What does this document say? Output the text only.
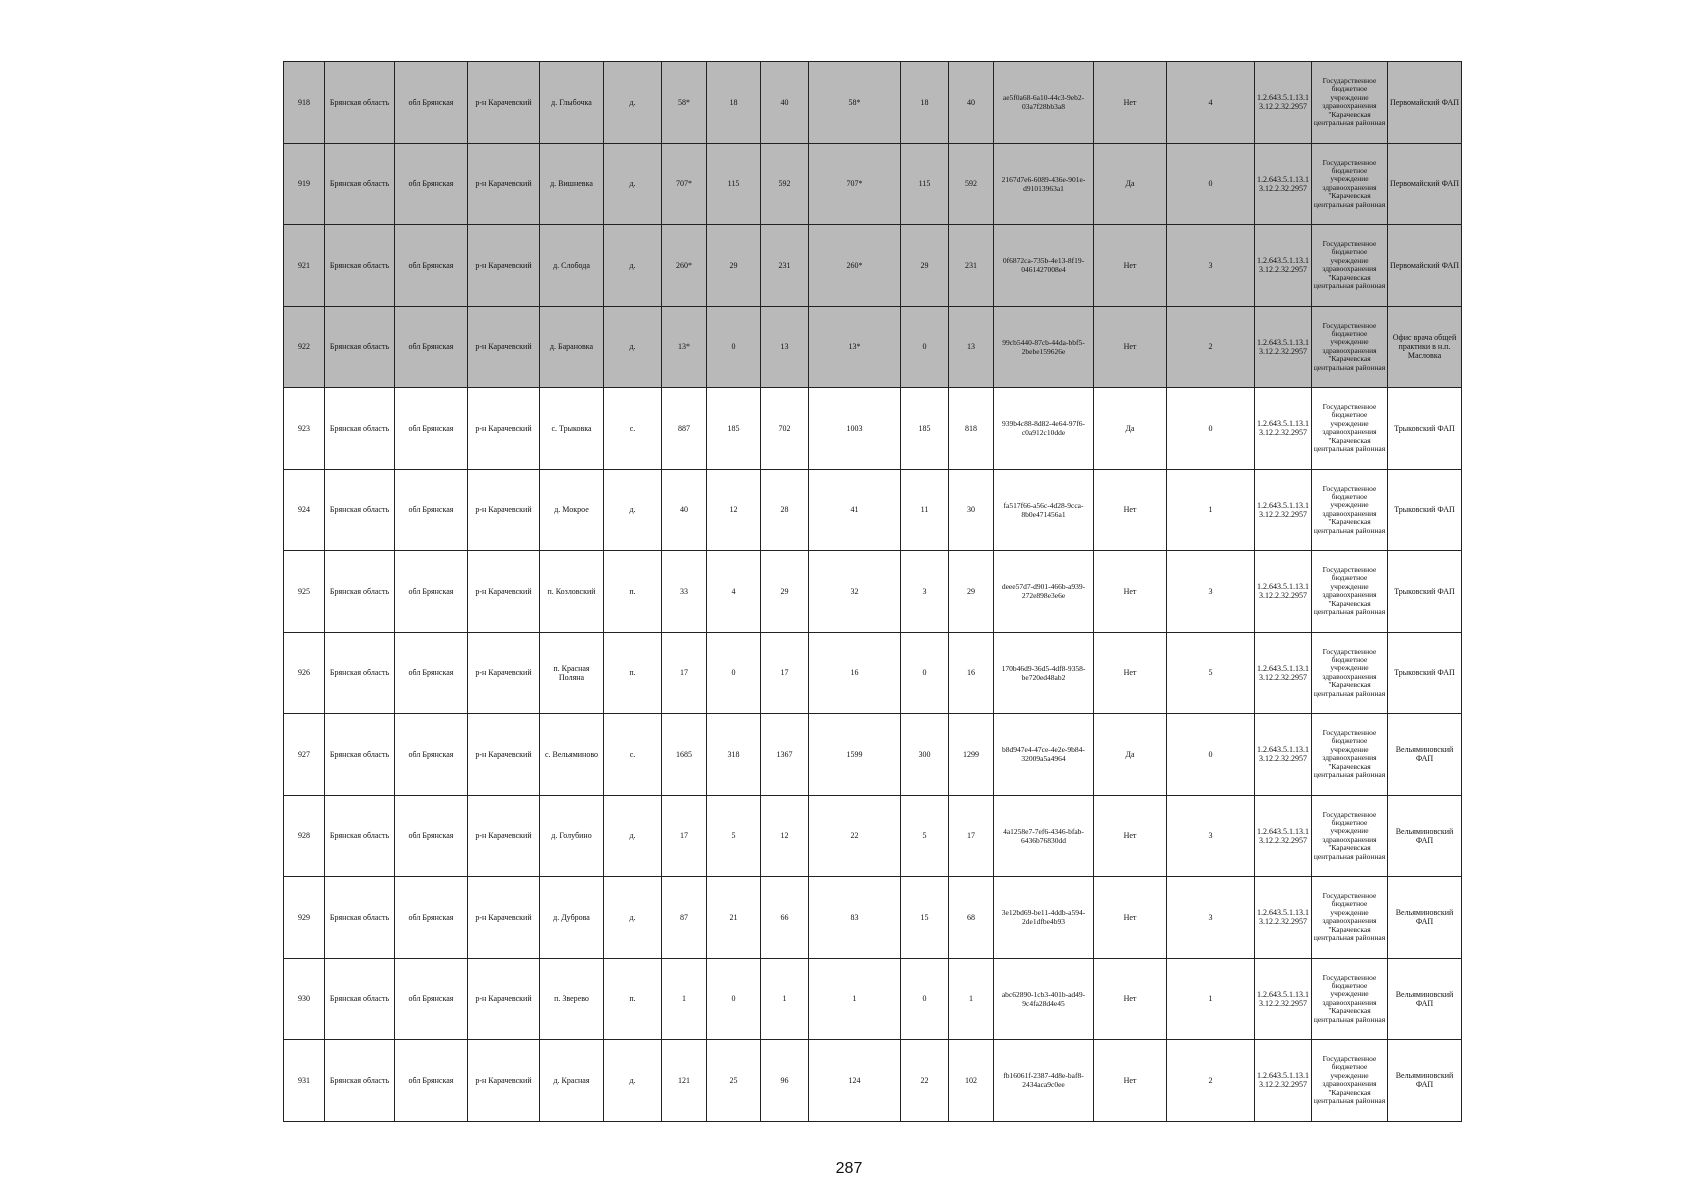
918	Брянская область	обл Брянская	р-н Карачевский	д. Глыбочка	д.	58*	18	40	58*	18	40	ae5f0a68-6a10-44c3-9eb2-03a7f28bb3a8	Нет	4	1.2.643.5.1.13.13.12.2.32.2957	Государственное бюджетное учреждение здравоохранения "Карачевская центральная районная	Первомайский ФАП
919	Брянская область	обл Брянская	р-н Карачевский	д. Вишневка	д.	707*	115	592	707*	115	592	2167d7e6-6089-436e-901e-d91013963a1	Да	0	1.2.643.5.1.13.13.12.2.32.2957	Государственное бюджетное учреждение здравоохранения "Карачевская центральная районная	Первомайский ФАП
921	Брянская область	обл Брянская	р-н Карачевский	д. Слобода	д.	260*	29	231	260*	29	231	0f6872ca-735b-4e13-8f19-0461427008e4	Нет	3	1.2.643.5.1.13.13.12.2.32.2957	Государственное бюджетное учреждение здравоохранения "Карачевская центральная районная	Первомайский ФАП
922	Брянская область	обл Брянская	р-н Карачевский	д. Барановка	д.	13*	0	13	13*	0	13	99cb5440-87cb-44da-bbf5-2bebe159626e	Нет	2	1.2.643.5.1.13.13.12.2.32.2957	Государственное бюджетное учреждение здравоохранения "Карачевская центральная районная	Офис врача общей практики в н.п. Масловка
923	Брянская область	обл Брянская	р-н Карачевский	с. Трыковка	с.	887	185	702	1003	185	818	939b4c88-8d82-4e64-97f6-c0a912c10dde	Да	0	1.2.643.5.1.13.13.12.2.32.2957	Государственное бюджетное учреждение здравоохранения "Карачевская центральная районная	Трыковский ФАП
924	Брянская область	обл Брянская	р-н Карачевский	д. Мокрое	д.	40	12	28	41	11	30	fa517f66-a56c-4d28-9cca-8b0e471456a1	Нет	1	1.2.643.5.1.13.13.12.2.32.2957	Государственное бюджетное учреждение здравоохранения "Карачевская центральная районная	Трыковский ФАП
925	Брянская область	обл Брянская	р-н Карачевский	п. Козловский	п.	33	4	29	32	3	29	deee57d7-d901-466b-a939-272e898e3e6e	Нет	3	1.2.643.5.1.13.13.12.2.32.2957	Государственное бюджетное учреждение здравоохранения "Карачевская центральная районная	Трыковский ФАП
926	Брянская область	обл Брянская	р-н Карачевский	п. Красная Поляна	п.	17	0	17	16	0	16	170b46d9-36d5-4df8-9358-be720ed48ab2	Нет	5	1.2.643.5.1.13.13.12.2.32.2957	Государственное бюджетное учреждение здравоохранения "Карачевская центральная районная	Трыковский ФАП
927	Брянская область	обл Брянская	р-н Карачевский	с. Вельяминово	с.	1685	318	1367	1599	300	1299	b8d947e4-47ce-4e2e-9b84-32009a5a4964	Да	0	1.2.643.5.1.13.13.12.2.32.2957	Государственное бюджетное учреждение здравоохранения "Карачевская центральная районная	Вельяминовский ФАП
928	Брянская область	обл Брянская	р-н Карачевский	д. Голубино	д.	17	5	12	22	5	17	4a1258e7-7ef6-4346-bfab-6436b76830dd	Нет	3	1.2.643.5.1.13.13.12.2.32.2957	Государственное бюджетное учреждение здравоохранения "Карачевская центральная районная	Вельяминовский ФАП
929	Брянская область	обл Брянская	р-н Карачевский	д. Дуброва	д.	87	21	66	83	15	68	3e12bd69-be11-4ddb-a594-2de1dfbe4b93	Нет	3	1.2.643.5.1.13.13.12.2.32.2957	Государственное бюджетное учреждение здравоохранения "Карачевская центральная районная	Вельяминовский ФАП
930	Брянская область	обл Брянская	р-н Карачевский	п. Зверево	п.	1	0	1	1	0	1	abc62890-1cb3-401b-ad49-9c4fa28d4e45	Нет	1	1.2.643.5.1.13.13.12.2.32.2957	Государственное бюджетное учреждение здравоохранения "Карачевская центральная районная	Вельяминовский ФАП
931	Брянская область	обл Брянская	р-н Карачевский	д. Красная	д.	121	25	96	124	22	102	fb16061f-2387-4d8e-baf8-2434aca9c0ee	Нет	2	1.2.643.5.1.13.13.12.2.32.2957	Государственное бюджетное учреждение здравоохранения "Карачевская центральная районная	Вельяминовский ФАП
287
